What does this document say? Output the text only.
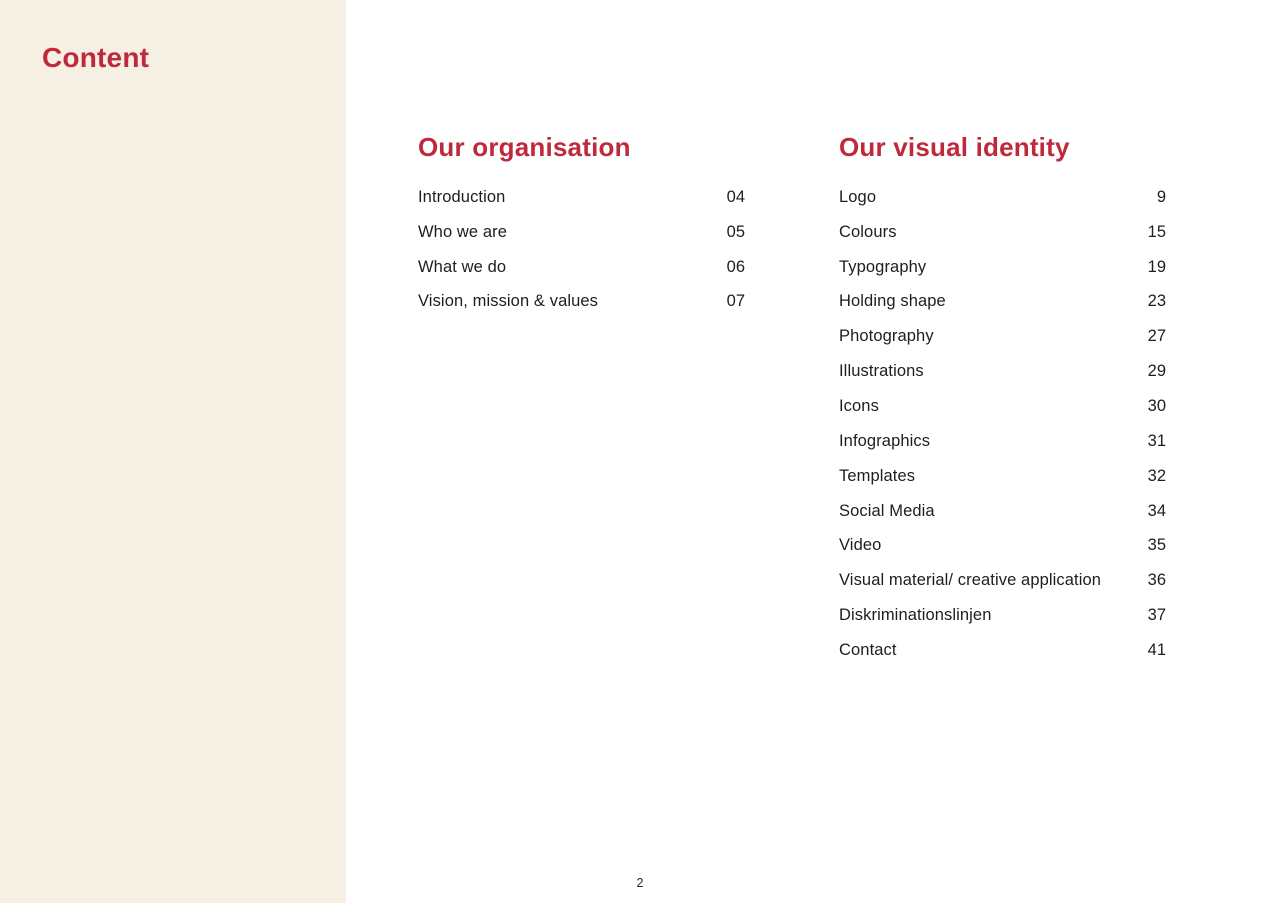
Content
Our organisation
Introduction	04
Who we are	05
What we do	06
Vision, mission & values	07
Our visual identity
Logo	9
Colours	15
Typography	19
Holding shape	23
Photography	27
Illustrations	29
Icons	30
Infographics	31
Templates	32
Social Media	34
Video	35
Visual material/ creative application	36
Diskriminationslinjen	37
Contact	41
2
